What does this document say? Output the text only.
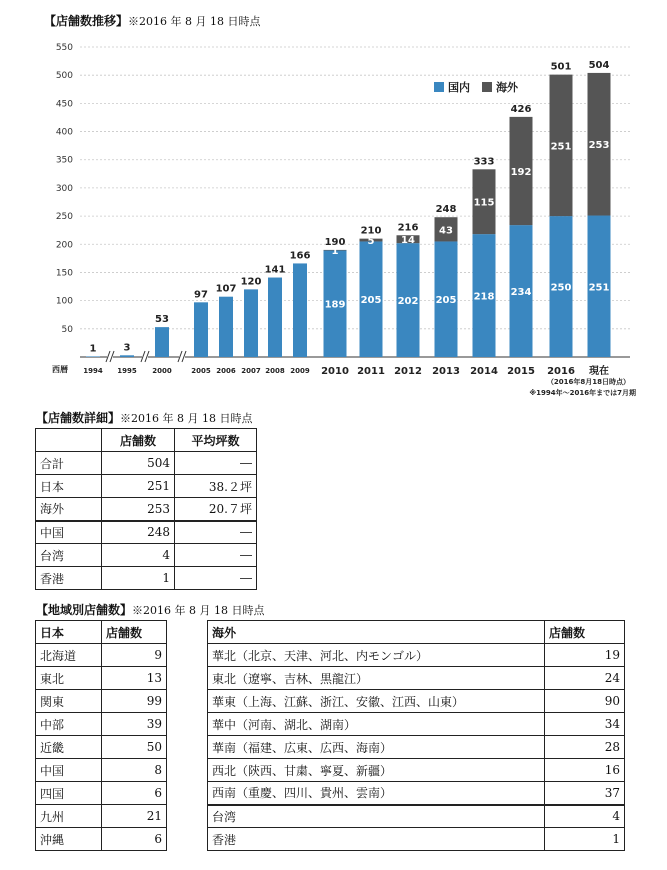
【店舗数推移】※2016 年 8 月 18 日時点
50
100
150
200
250
300
350
400
450
500
550
1
1994
3
1995
53
2000
97
2005
107
2006
120
2007
141
2008
166
2009
190
189
1
2010
210
205
5
2011
216
202
14
2012
248
205
43
2013
333
218
115
2014
426
234
192
2015
501
250
251
2016
504
251
253
現在
西暦
（2016年8月18日時点）
※1994年～2016年までは7月期
国内 海外
【店舗数詳細】※2016 年 8 月 18 日時点
	店舗数	平均坪数
合計	504	―
日本	251	38.２坪
海外	253	20.７坪
中国	248	―
台湾	4	―
香港	1	―
【地域別店舗数】※2016 年 8 月 18 日時点
日本	店舗数
北海道	9
東北	13
関東	99
中部	39
近畿	50
中国	8
四国	6
九州	21
沖縄	6
海外	店舗数
華北（北京、天津、河北、内モンゴル）	19
東北（遼寧、吉林、黒龍江）	24
華東（上海、江蘇、浙江、安徽、江西、山東）	90
華中（河南、湖北、湖南）	34
華南（福建、広東、広西、海南）	28
西北（陝西、甘粛、寧夏、新疆）	16
西南（重慶、四川、貴州、雲南）	37
台湾	4
香港	1
